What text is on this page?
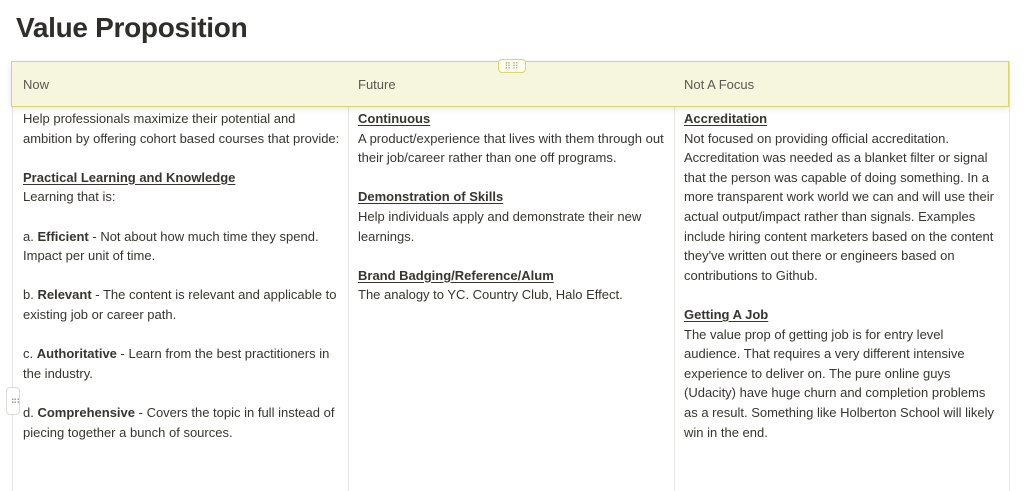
Value Proposition
Now	Future	Not A Focus
⠿⠿

Help professionals maximize their potential and ambition by offering cohort based courses that provide:

Practical Learning and Knowledge

Learning that is:

a. Efficient - Not about how much time they spend. Impact per unit of time.

b. Relevant - The content is relevant and applicable to existing job or career path.

c. Authoritative - Learn from the best practitioners in the industry.

d. Comprehensive - Covers the topic in full instead of piecing together a bunch of sources.

Continuous

A product/experience that lives with them through out their job/career rather than one off programs.

Demonstration of Skills

Help individuals apply and demonstrate their new learnings.

Brand Badging/Reference/Alum

The analogy to YC. Country Club, Halo Effect.

Accreditation

Not focused on providing official accreditation. Accreditation was needed as a blanket filter or signal that the person was capable of doing something. In a more transparent work world we can and will use their actual output/impact rather than signals. Examples include hiring content marketers based on the content they've written out there or engineers based on contributions to Github.

Getting A Job

The value prop of getting job is for entry level audience. That requires a very different intensive experience to deliver on. The pure online guys (Udacity) have huge churn and completion problems as a result. Something like Holberton School will likely win in the end.

⠿
